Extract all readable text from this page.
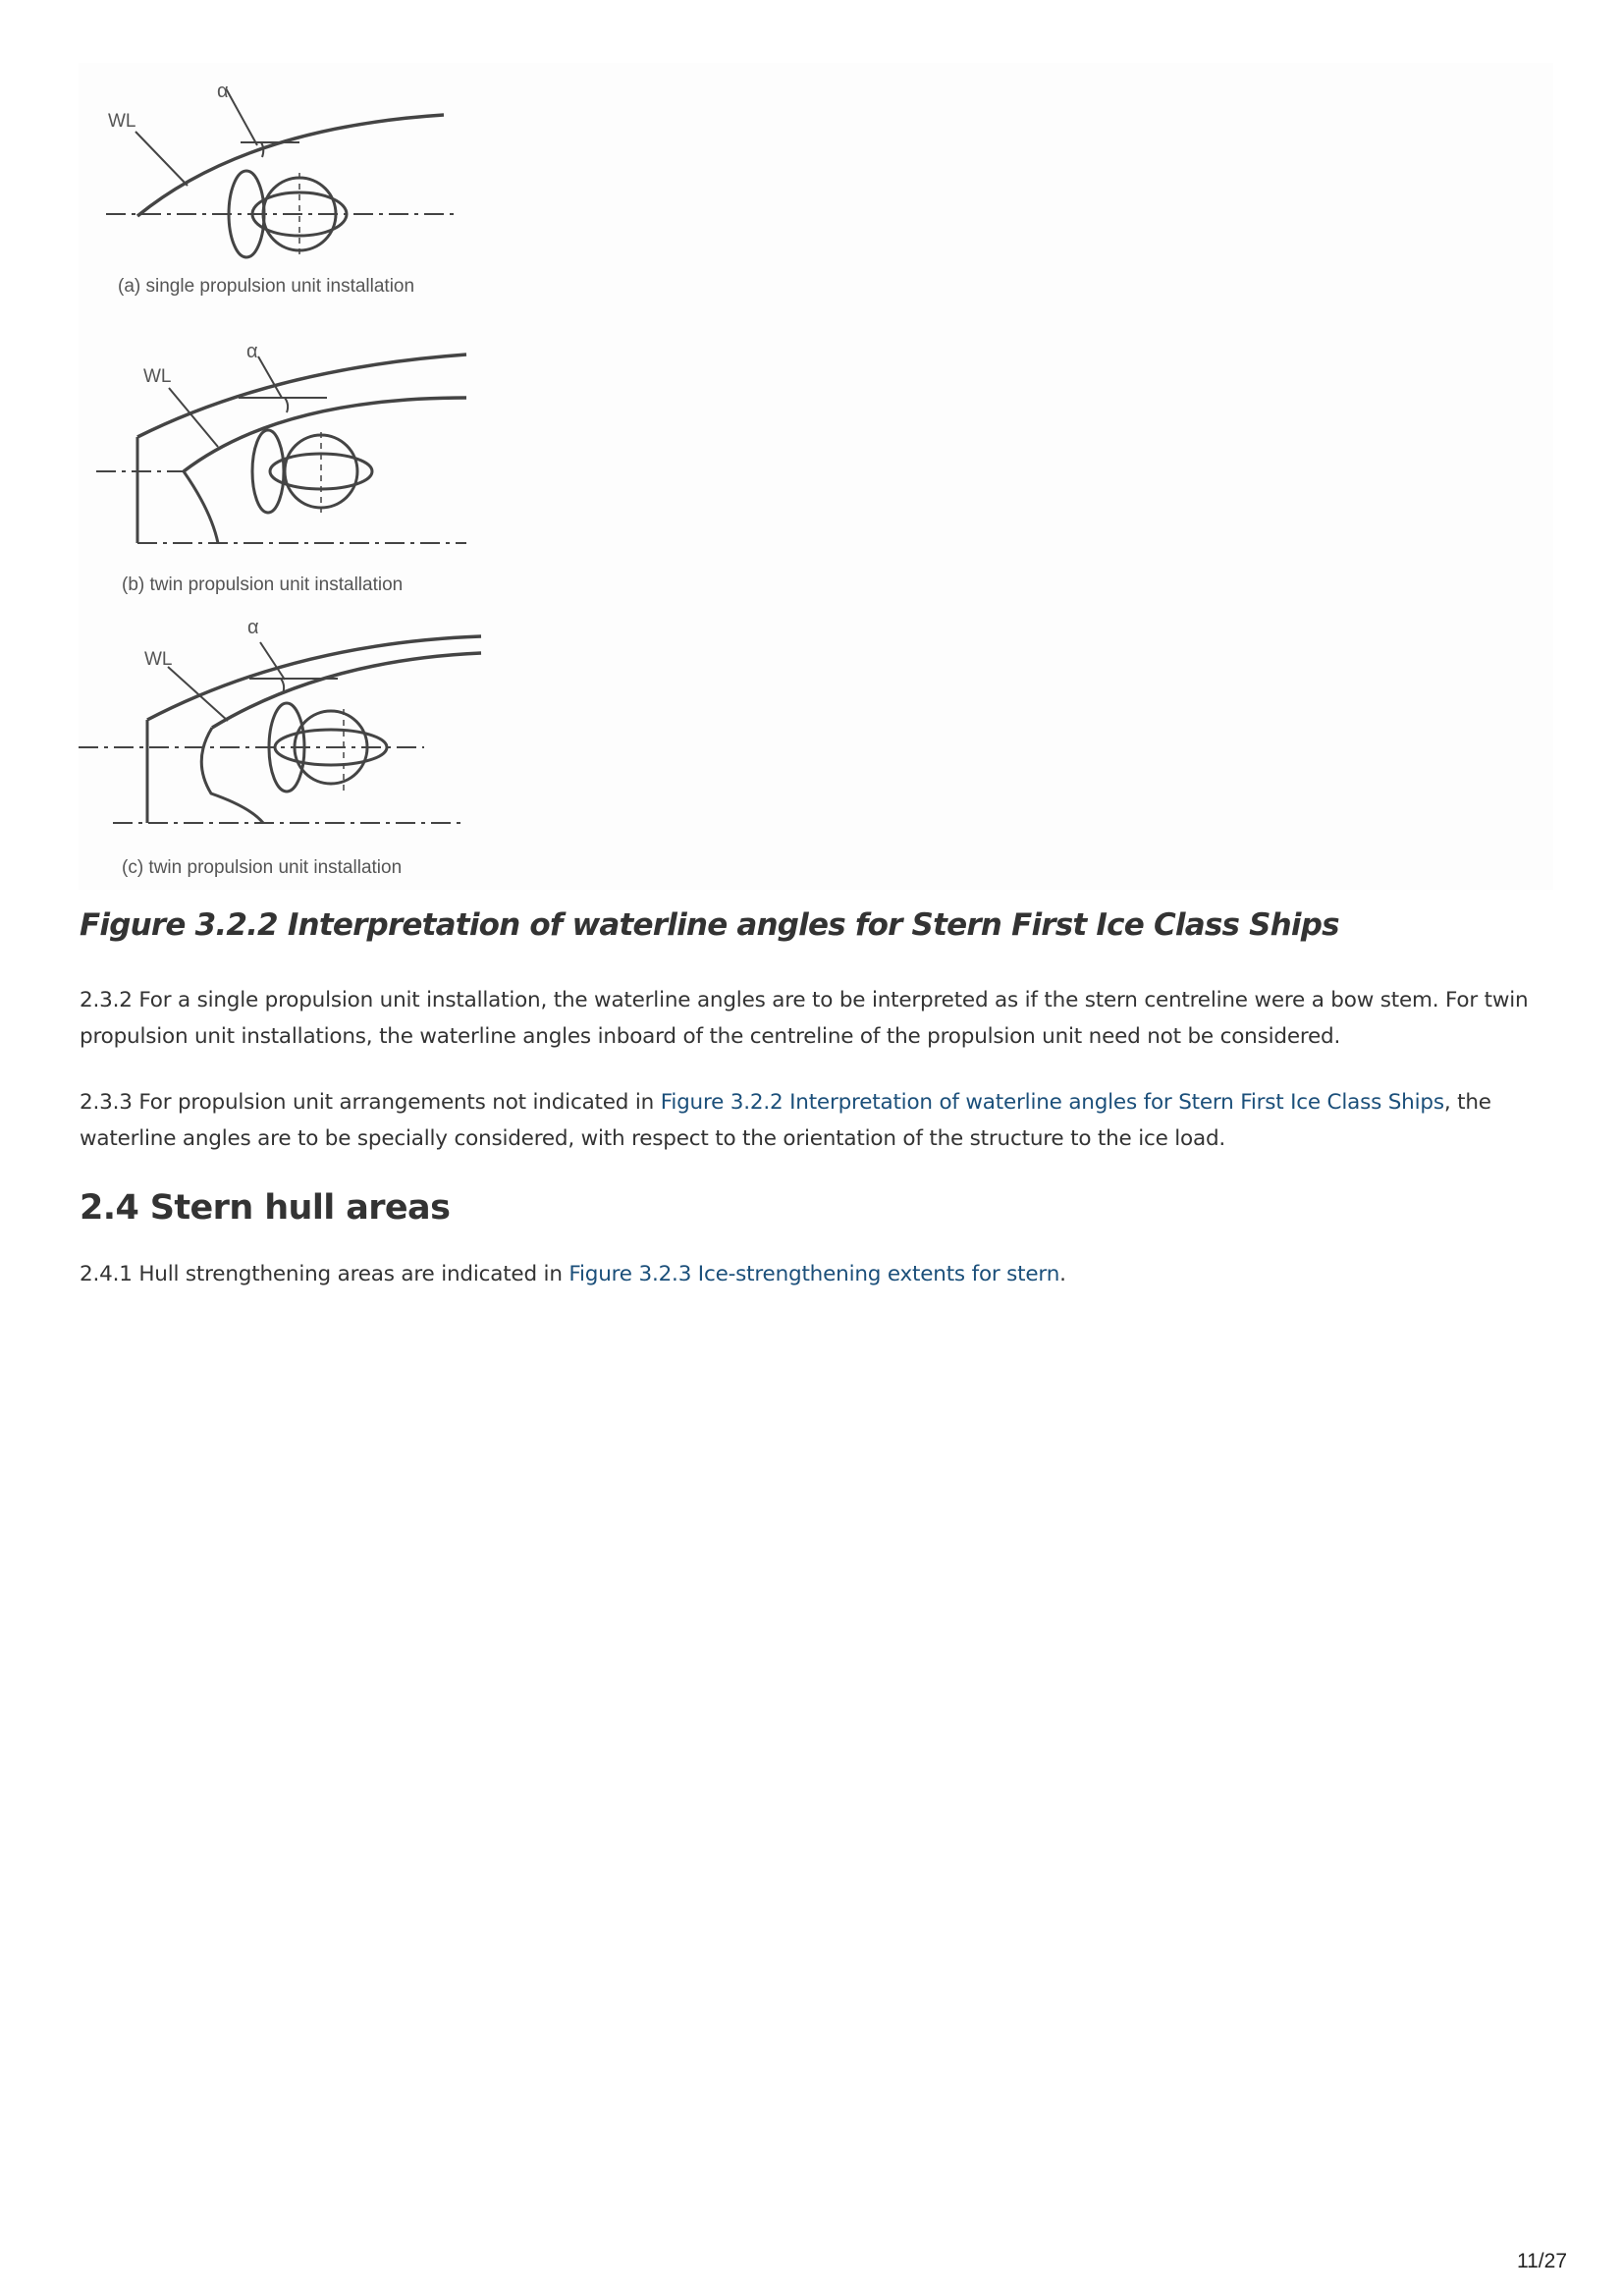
WL
α
(a) single propulsion unit installation
WL
α
(b) twin propulsion unit installation
WL
α
(c) twin propulsion unit installation
Figure 3.2.2 Interpretation of waterline angles for Stern First Ice Class Ships

2.3.2 For a single propulsion unit installation, the waterline angles are to be interpreted as if the stern centreline were a bow stem. For twin propulsion unit installations, the waterline angles inboard of the centreline of the propulsion unit need not be considered.

2.3.3 For propulsion unit arrangements not indicated in Figure 3.2.2 Interpretation of waterline angles for Stern First Ice Class Ships, the waterline angles are to be specially considered, with respect to the orientation of the structure to the ice load.

2.4 Stern hull areas

2.4.1 Hull strengthening areas are indicated in Figure 3.2.3 Ice-strengthening extents for stern.

11/27
